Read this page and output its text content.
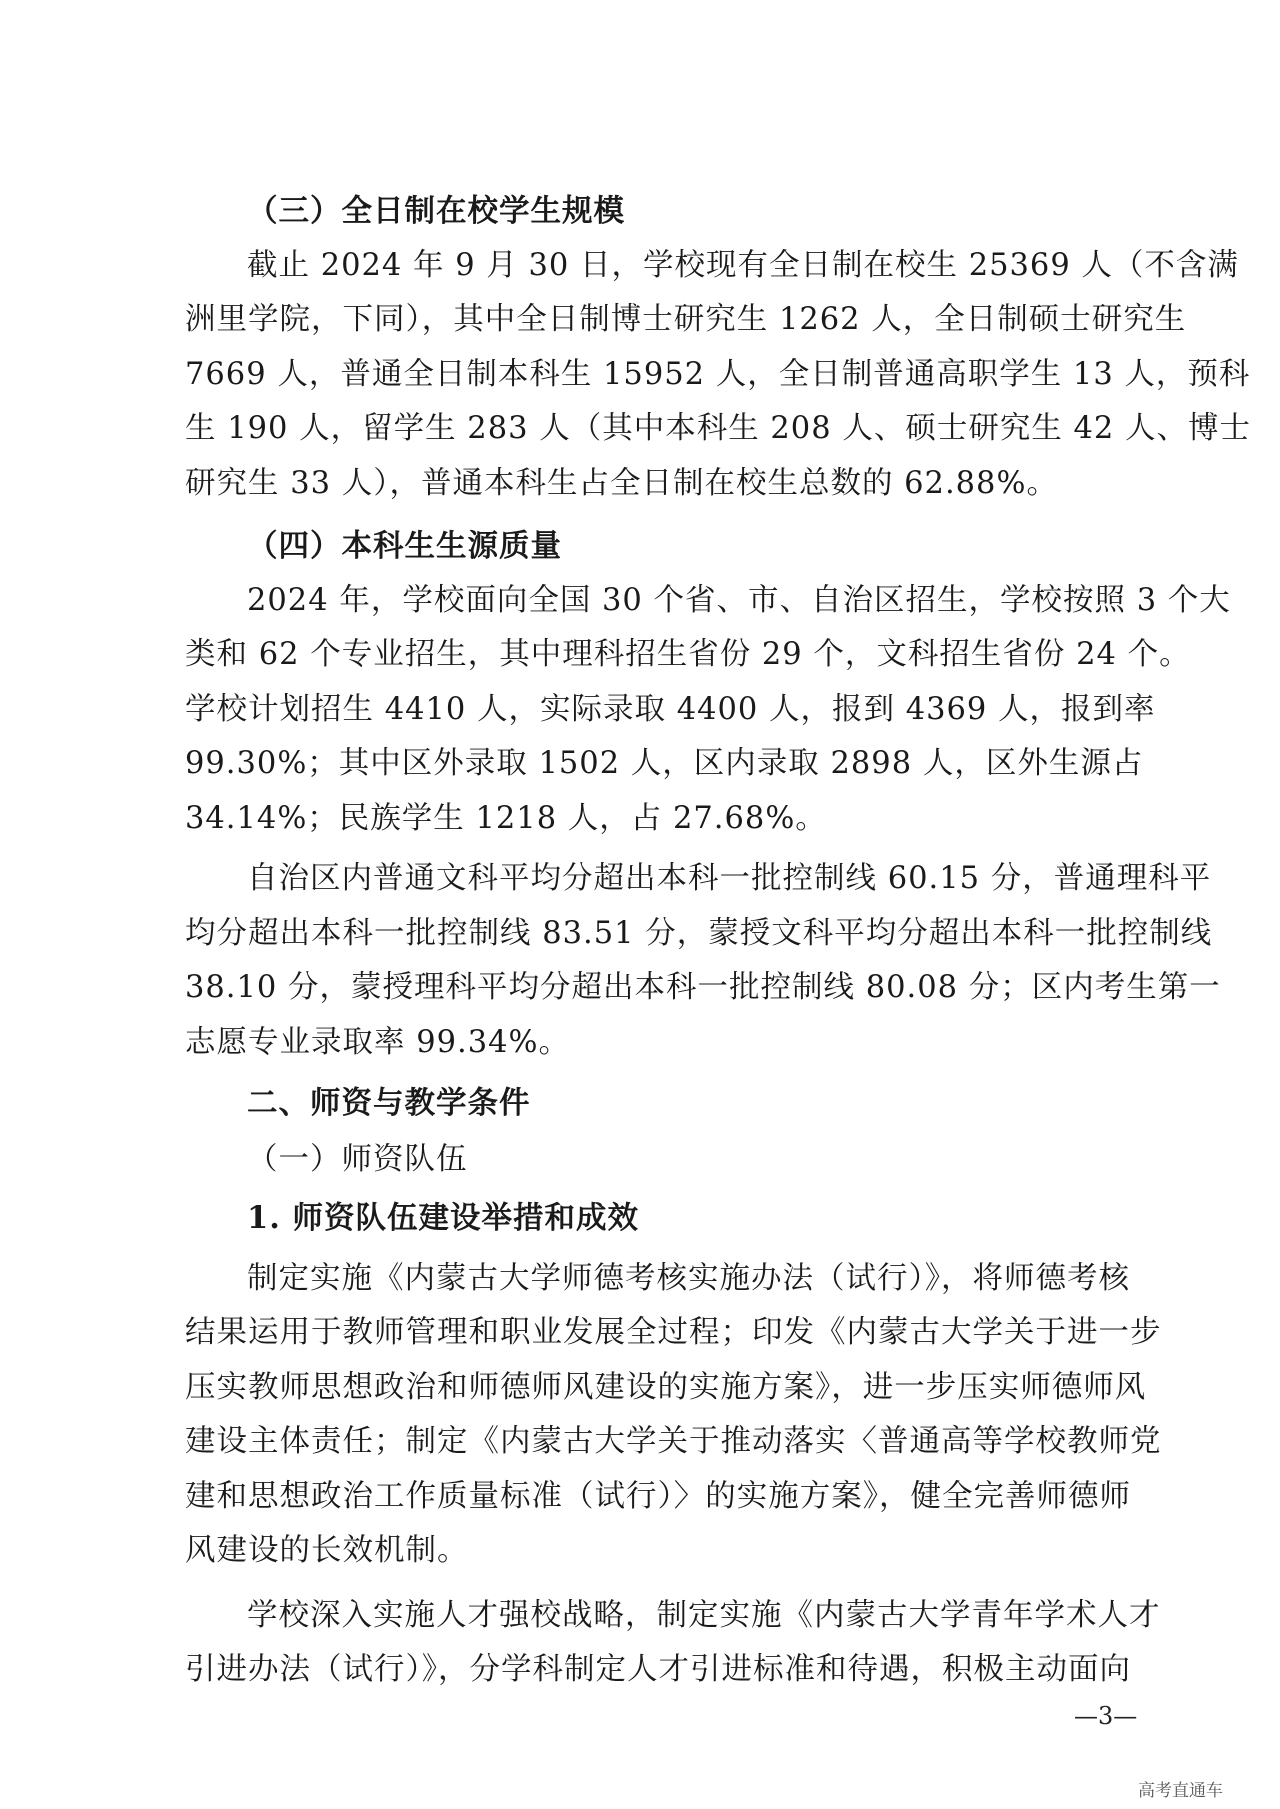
（三）全日制在校学生规模
截止 2024 年 9 月 30 日，学校现有全日制在校生 25369 人（不含满
洲里学院，下同），其中全日制博士研究生 1262 人，全日制硕士研究生
7669 人，普通全日制本科生 15952 人，全日制普通高职学生 13 人，预科
生 190 人，留学生 283 人（其中本科生 208 人、硕士研究生 42 人、博士
研究生 33 人），普通本科生占全日制在校生总数的 62.88%。
（四）本科生生源质量
2024 年，学校面向全国 30 个省、市、自治区招生，学校按照 3 个大
类和 62 个专业招生，其中理科招生省份 29 个，文科招生省份 24 个。
学校计划招生 4410 人，实际录取 4400 人，报到 4369 人，报到率
99.30%；其中区外录取 1502 人，区内录取 2898 人，区外生源占
34.14%；民族学生 1218 人，占 27.68%。
自治区内普通文科平均分超出本科一批控制线 60.15 分，普通理科平
均分超出本科一批控制线 83.51 分，蒙授文科平均分超出本科一批控制线
38.10 分，蒙授理科平均分超出本科一批控制线 80.08 分；区内考生第一
志愿专业录取率 99.34%。
二、师资与教学条件
（一）师资队伍
1. 师资队伍建设举措和成效
制定实施《内蒙古大学师德考核实施办法（试行）》，将师德考核
结果运用于教师管理和职业发展全过程；印发《内蒙古大学关于进一步
压实教师思想政治和师德师风建设的实施方案》，进一步压实师德师风
建设主体责任；制定《内蒙古大学关于推动落实〈普通高等学校教师党
建和思想政治工作质量标准（试行）〉的实施方案》，健全完善师德师
风建设的长效机制。
学校深入实施人才强校战略，制定实施《内蒙古大学青年学术人才
引进办法（试行）》，分学科制定人才引进标准和待遇，积极主动面向
—3—
高考直通车
